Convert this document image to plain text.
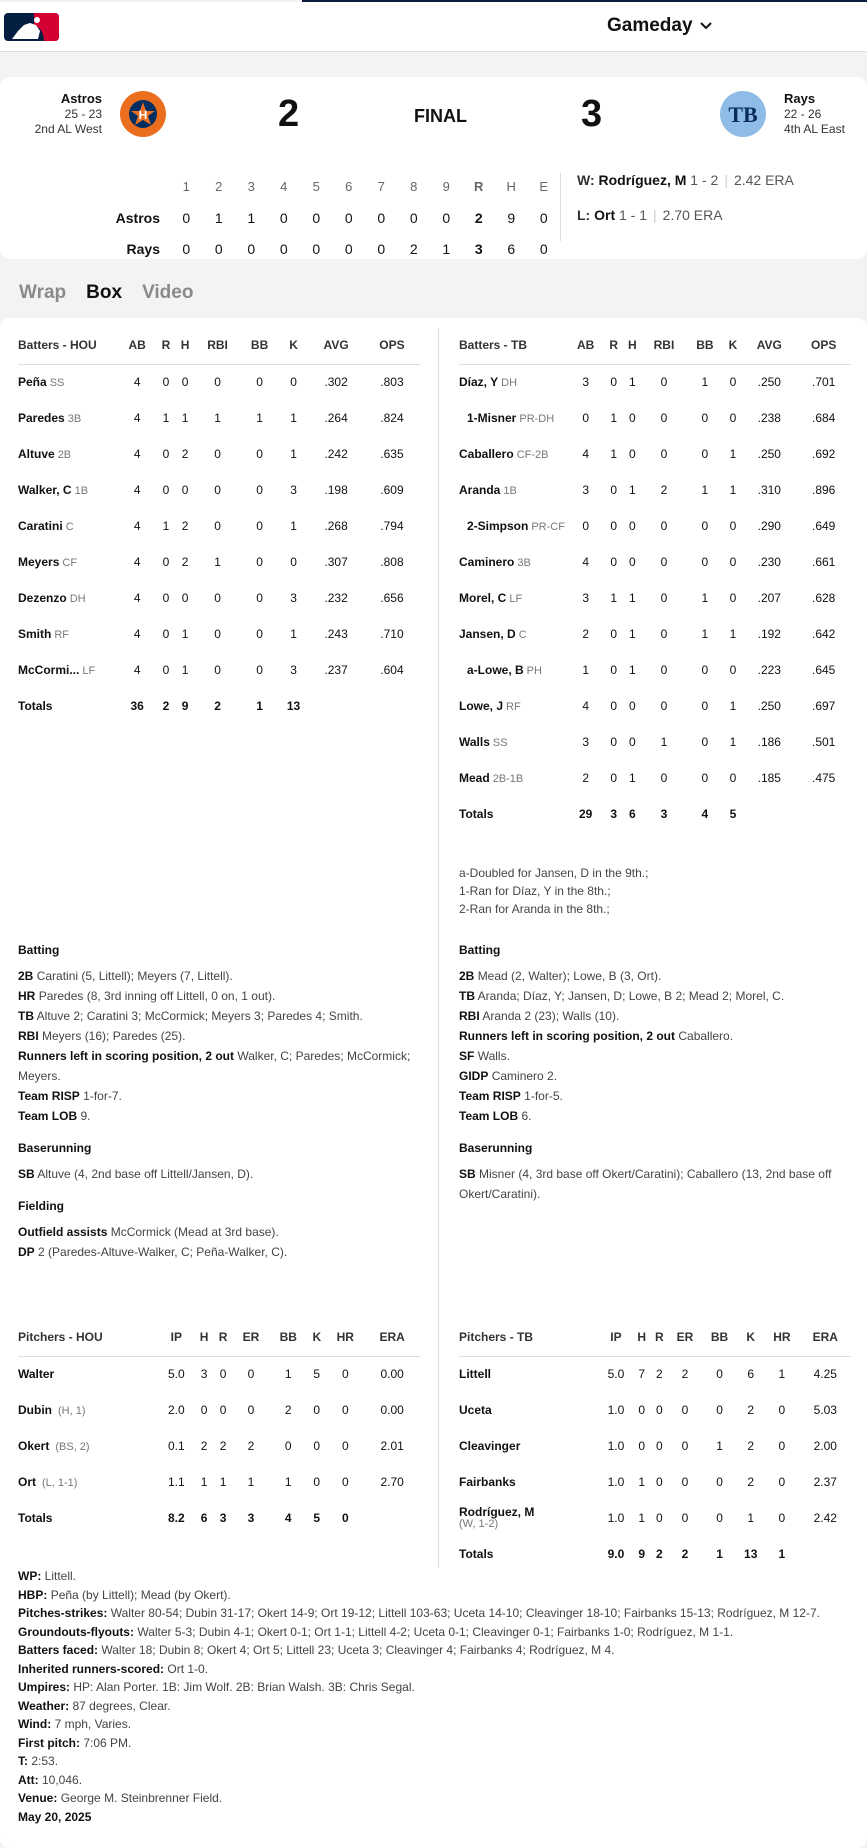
Gameday
Astros
25 - 23
2nd AL West
H	2	FINAL	3	TB
Rays
22 - 26
4th AL East
	1	2	3	4	5	6	7	8	9	R	H	E
Astros	0	1	1	0	0	0	0	0	0	2	9	0
Rays	0	0	0	0	0	0	0	2	1	3	6	0
W: Rodríguez, M 1 - 2 | 2.42 ERA
L: Ort 1 - 1 | 2.70 ERA
Wrap Box Video
Batters - HOU	AB	R	H	RBI	BB	K	AVG	OPS
Peña SS	4	0	0	0	0	0	.302	.803
Paredes 3B	4	1	1	1	1	1	.264	.824
Altuve 2B	4	0	2	0	0	1	.242	.635
Walker, C 1B	4	0	0	0	0	3	.198	.609
Caratini C	4	1	2	0	0	1	.268	.794
Meyers CF	4	0	2	1	0	0	.307	.808
Dezenzo DH	4	0	0	0	0	3	.232	.656
Smith RF	4	0	1	0	0	1	.243	.710
McCormi... LF	4	0	1	0	0	3	.237	.604
Totals	36	2	9	2	1	13		
Batters - TB	AB	R	H	RBI	BB	K	AVG	OPS
Díaz, Y DH	3	0	1	0	1	0	.250	.701
1-Misner PR-DH	0	1	0	0	0	0	.238	.684
Caballero CF-2B	4	1	0	0	0	1	.250	.692
Aranda 1B	3	0	1	2	1	1	.310	.896
2-Simpson PR-CF	0	0	0	0	0	0	.290	.649
Caminero 3B	4	0	0	0	0	0	.230	.661
Morel, C LF	3	1	1	0	1	0	.207	.628
Jansen, D C	2	0	1	0	1	1	.192	.642
a-Lowe, B PH	1	0	1	0	0	0	.223	.645
Lowe, J RF	4	0	0	0	0	1	.250	.697
Walls SS	3	0	0	1	0	1	.186	.501
Mead 2B-1B	2	0	1	0	0	0	.185	.475
Totals	29	3	6	3	4	5		
a-Doubled for Jansen, D in the 9th.;
1-Ran for Díaz, Y in the 8th.;
2-Ran for Aranda in the 8th.;
Batting
2B Caratini (5, Littell); Meyers (7, Littell).
HR Paredes (8, 3rd inning off Littell, 0 on, 1 out).
TB Altuve 2; Caratini 3; McCormick; Meyers 3; Paredes 4; Smith.
RBI Meyers (16); Paredes (25).
Runners left in scoring position, 2 out Walker, C; Paredes; McCormick; Meyers.
Team RISP 1-for-7.
Team LOB 9.
Baserunning
SB Altuve (4, 2nd base off Littell/Jansen, D).
Fielding
Outfield assists McCormick (Mead at 3rd base).
DP 2 (Paredes-Altuve-Walker, C; Peña-Walker, C).
Batting
2B Mead (2, Walter); Lowe, B (3, Ort).
TB Aranda; Díaz, Y; Jansen, D; Lowe, B 2; Mead 2; Morel, C.
RBI Aranda 2 (23); Walls (10).
Runners left in scoring position, 2 out Caballero.
SF Walls.
GIDP Caminero 2.
Team RISP 1-for-5.
Team LOB 6.
Baserunning
SB Misner (4, 3rd base off Okert/Caratini); Caballero (13, 2nd base off Okert/Caratini).
Pitchers - HOU	IP	H	R	ER	BB	K	HR	ERA
Walter	5.0	3	0	0	1	5	0	0.00
Dubin (H, 1)	2.0	0	0	0	2	0	0	0.00
Okert (BS, 2)	0.1	2	2	2	0	0	0	2.01
Ort (L, 1-1)	1.1	1	1	1	1	0	0	2.70
Totals	8.2	6	3	3	4	5	0	
Pitchers - TB	IP	H	R	ER	BB	K	HR	ERA
Littell	5.0	7	2	2	0	6	1	4.25
Uceta	1.0	0	0	0	0	2	0	5.03
Cleavinger	1.0	0	0	0	1	2	0	2.00
Fairbanks	1.0	1	0	0	0	2	0	2.37
Rodríguez, M
(W, 1-2)	1.0	1	0	0	0	1	0	2.42
Totals	9.0	9	2	2	1	13	1	
WP: Littell.
HBP: Peña (by Littell); Mead (by Okert).
Pitches-strikes: Walter 80-54; Dubin 31-17; Okert 14-9; Ort 19-12; Littell 103-63; Uceta 14-10; Cleavinger 18-10; Fairbanks 15-13; Rodríguez, M 12-7.
Groundouts-flyouts: Walter 5-3; Dubin 4-1; Okert 0-1; Ort 1-1; Littell 4-2; Uceta 0-1; Cleavinger 0-1; Fairbanks 1-0; Rodríguez, M 1-1.
Batters faced: Walter 18; Dubin 8; Okert 4; Ort 5; Littell 23; Uceta 3; Cleavinger 4; Fairbanks 4; Rodríguez, M 4.
Inherited runners-scored: Ort 1-0.
Umpires: HP: Alan Porter. 1B: Jim Wolf. 2B: Brian Walsh. 3B: Chris Segal.
Weather: 87 degrees, Clear.
Wind: 7 mph, Varies.
First pitch: 7:06 PM.
T: 2:53.
Att: 10,046.
Venue: George M. Steinbrenner Field.
May 20, 2025
